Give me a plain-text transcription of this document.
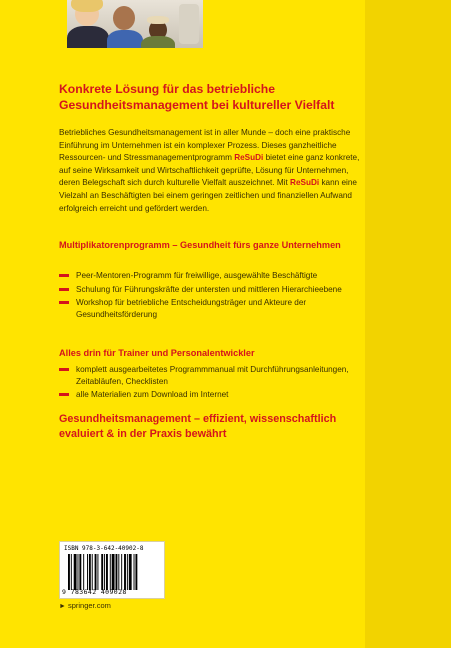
Konkrete Lösung für das betriebliche Gesundheitsmanagement bei kultureller Vielfalt

Betriebliches Gesundheitsmanagement ist in aller Munde – doch eine praktische Einführung im Unternehmen ist ein komplexer Prozess. Dieses ganzheitliche Ressourcen- und Stressmanagementprogramm ReSuDi bietet eine ganz konkrete, auf seine Wirksamkeit und Wirtschaftlichkeit geprüfte, Lösung für Unternehmen, deren Belegschaft sich durch kulturelle Vielfalt auszeichnet. Mit ReSuDi kann eine Vielzahl an Beschäftigten bei einem geringen zeitlichen und finanziellen Aufwand erfolgreich erreicht und gefördert werden.

Multiplikatorenprogramm – Gesundheit fürs ganze Unternehmen
Peer-Mentoren-Programm für freiwillige, ausgewählte Beschäftigte
Schulung für Führungskräfte der untersten und mittleren Hierarchieebene
Workshop für betriebliche Entscheidungsträger und Akteure der Gesundheitsförderung
Alles drin für Trainer und Personalentwickler
komplett ausgearbeitetes Programmmanual mit Durchführungsanleitungen, Zeitabläufen, Checklisten
alle Materialien zum Download im Internet
Gesundheitsmanagement – effizient, wissenschaftlich evaluiert & in der Praxis bewährt
ISBN 978-3-642-40902-8
9 783642 409028
► springer.com
